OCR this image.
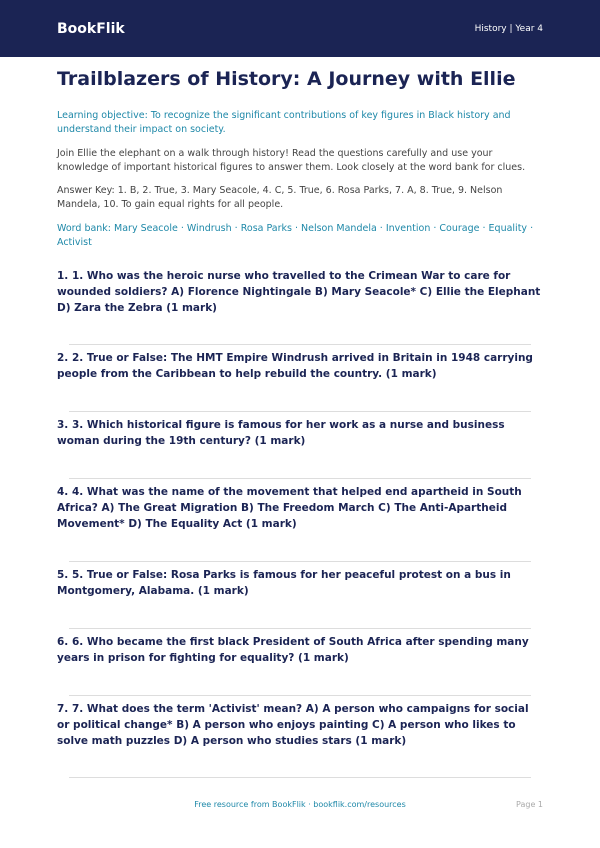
BookFlik	History | Year 4
Trailblazers of History: A Journey with Ellie
Learning objective: To recognize the significant contributions of key figures in Black history and understand their impact on society.
Join Ellie the elephant on a walk through history! Read the questions carefully and use your knowledge of important historical figures to answer them. Look closely at the word bank for clues.
Answer Key: 1. B, 2. True, 3. Mary Seacole, 4. C, 5. True, 6. Rosa Parks, 7. A, 8. True, 9. Nelson Mandela, 10. To gain equal rights for all people.
Word bank: Mary Seacole · Windrush · Rosa Parks · Nelson Mandela · Invention · Courage · Equality · Activist
1. 1. Who was the heroic nurse who travelled to the Crimean War to care for wounded soldiers? A) Florence Nightingale B) Mary Seacole* C) Ellie the Elephant D) Zara the Zebra (1 mark)
2. 2. True or False: The HMT Empire Windrush arrived in Britain in 1948 carrying people from the Caribbean to help rebuild the country. (1 mark)
3. 3. Which historical figure is famous for her work as a nurse and business woman during the 19th century? (1 mark)
4. 4. What was the name of the movement that helped end apartheid in South Africa? A) The Great Migration B) The Freedom March C) The Anti-Apartheid Movement* D) The Equality Act (1 mark)
5. 5. True or False: Rosa Parks is famous for her peaceful protest on a bus in Montgomery, Alabama. (1 mark)
6. 6. Who became the first black President of South Africa after spending many years in prison for fighting for equality? (1 mark)
7. 7. What does the term 'Activist' mean? A) A person who campaigns for social or political change* B) A person who enjoys painting C) A person who likes to solve math puzzles D) A person who studies stars (1 mark)
Free resource from BookFlik · bookflik.com/resources	Page 1
